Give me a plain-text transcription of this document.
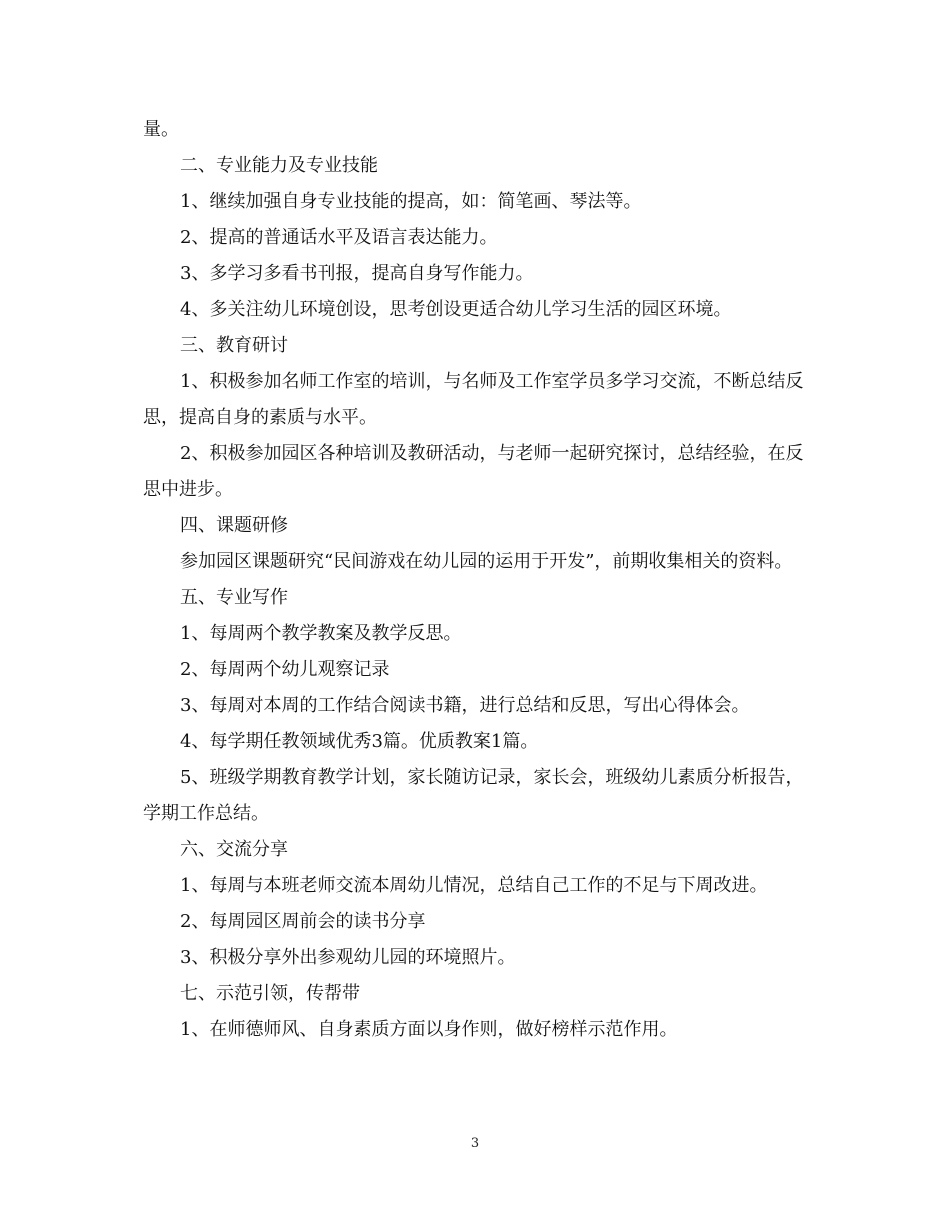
量。

二、专业能力及专业技能

1、继续加强自身专业技能的提高，如：简笔画、琴法等。

2、提高的普通话水平及语言表达能力。

3、多学习多看书刊报，提高自身写作能力。

4、多关注幼儿环境创设，思考创设更适合幼儿学习生活的园区环境。

三、教育研讨

1、积极参加名师工作室的培训，与名师及工作室学员多学习交流，不断总结反思，提高自身的素质与水平。

2、积极参加园区各种培训及教研活动，与老师一起研究探讨，总结经验，在反思中进步。

四、课题研修

参加园区课题研究“民间游戏在幼儿园的运用于开发”，前期收集相关的资料。

五、专业写作

1、每周两个教学教案及教学反思。

2、每周两个幼儿观察记录

3、每周对本周的工作结合阅读书籍，进行总结和反思，写出心得体会。

4、每学期任教领域优秀3篇。优质教案1篇。

5、班级学期教育教学计划，家长随访记录，家长会，班级幼儿素质分析报告，学期工作总结。

六、交流分享

1、每周与本班老师交流本周幼儿情况，总结自己工作的不足与下周改进。

2、每周园区周前会的读书分享

3、积极分享外出参观幼儿园的环境照片。

七、示范引领，传帮带

1、在师德师风、自身素质方面以身作则，做好榜样示范作用。

3
